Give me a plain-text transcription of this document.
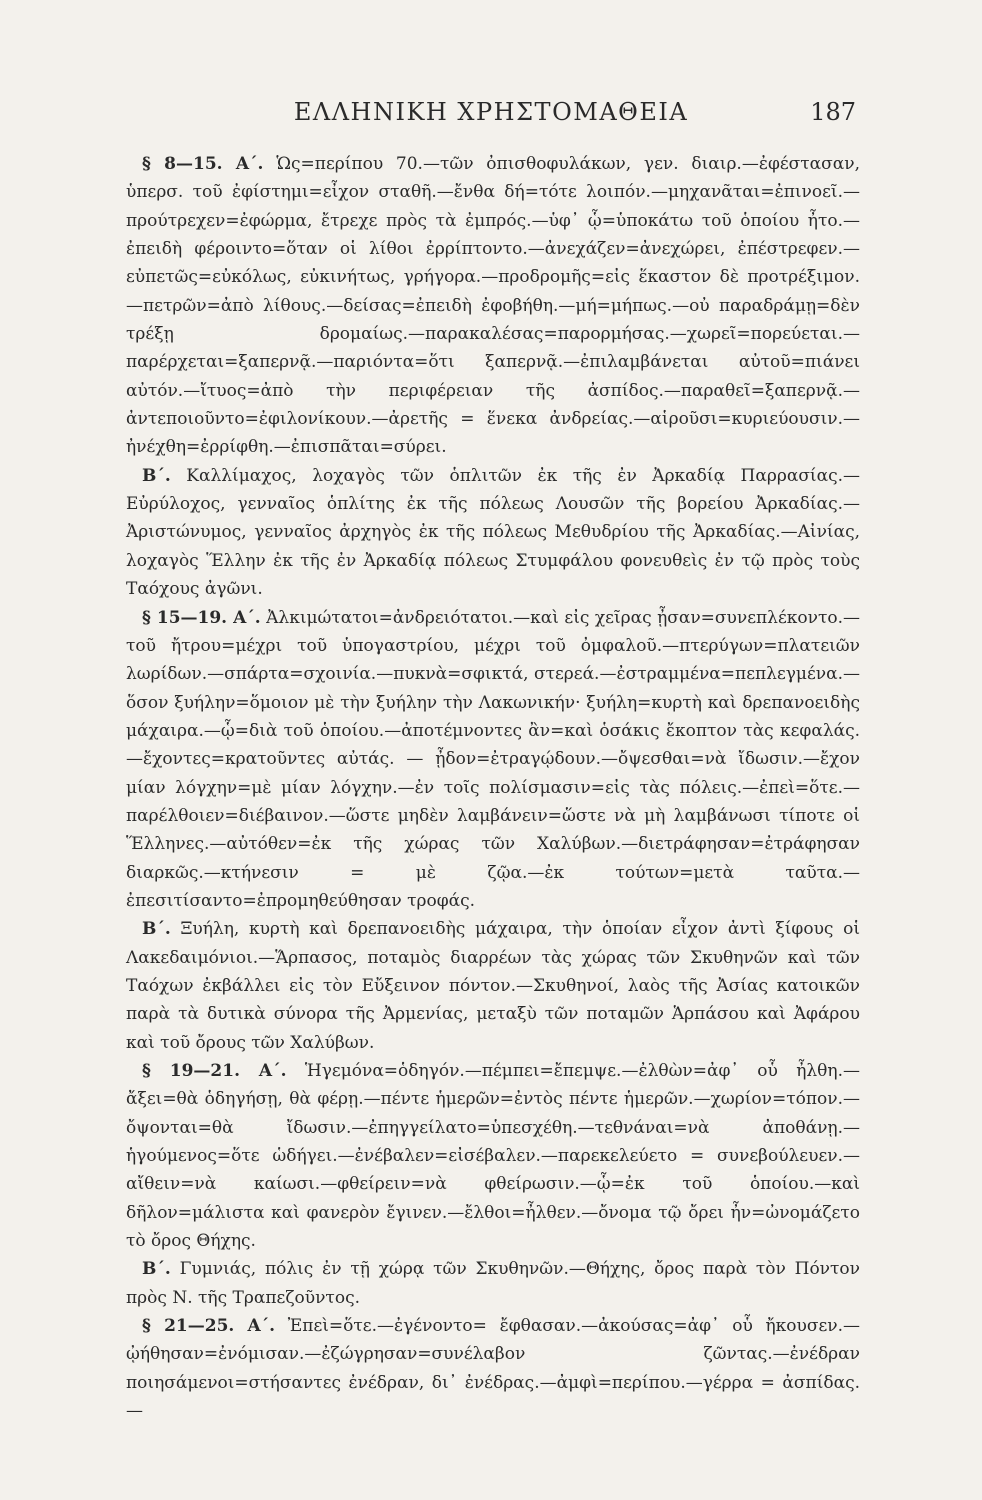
ΕΛΛΗΝΙΚΗ ΧΡΗΣΤΟΜΑΘΕΙΑ	187

§ 8—15. Α΄. Ὡς=περίπου 70.—τῶν ὀπισθοφυλάκων, γεν. διαιρ.—ἐφέστασαν, ὑπερσ. τοῦ ἐφίστημι=εἶχον σταθῆ.—ἔνθα δή=τότε λοιπόν.—μηχανᾶται=ἐπινοεῖ.—προύτρεχεν=ἐφώρμα, ἔτρεχε πρὸς τὰ ἐμπρός.—ὑφ᾽ ᾧ=ὑποκάτω τοῦ ὁποίου ἦτο.—ἐπειδὴ φέροιντο=ὅταν οἱ λίθοι ἐρρίπτοντο.—ἀνεχάζεν=ἀνεχώρει, ἐπέστρεφεν.—εὐπετῶς=εὐκόλως, εὐκινήτως, γρήγορα.—προδρομῆς=εἰς ἕκαστον δὲ προτρέξιμον.—πετρῶν=ἀπὸ λίθους.—δείσας=ἐπειδὴ ἐφοβήθη.—μή=μήπως.—οὐ παραδράμῃ=δὲν τρέξῃ δρομαίως.—παρακαλέσας=παρορμήσας.—χωρεῖ=πορεύεται.—παρέρχεται=ξαπερνᾷ.—παριόντα=ὅτι ξαπερνᾷ.—ἐπιλαμβάνεται αὐτοῦ=πιάνει αὐτόν.—ἴτυος=ἀπὸ τὴν περιφέρειαν τῆς ἀσπίδος.—παραθεῖ=ξαπερνᾷ.—ἀντεποιοῦντο=ἐφιλονίκουν.—ἀρετῆς = ἕνεκα ἀνδρείας.—αἱροῦσι=κυριεύουσιν.—ἠνέχθη=ἐρρίφθη.—ἐπισπᾶται=σύρει.

Β΄. Καλλίμαχος, λοχαγὸς τῶν ὁπλιτῶν ἐκ τῆς ἐν Ἀρκαδίᾳ Παρρασίας.—Εὐρύλοχος, γενναῖος ὁπλίτης ἐκ τῆς πόλεως Λουσῶν τῆς βορείου Ἀρκαδίας.—Ἀριστώνυμος, γενναῖος ἀρχηγὸς ἐκ τῆς πόλεως Μεθυδρίου τῆς Ἀρκαδίας.—Αἰνίας, λοχαγὸς Ἕλλην ἐκ τῆς ἐν Ἀρκαδίᾳ πόλεως Στυμφάλου φονευθεὶς ἐν τῷ πρὸς τοὺς Ταόχους ἀγῶνι.

§ 15—19. Α΄. Ἀλκιμώτατοι=ἀνδρειότατοι.—καὶ εἰς χεῖρας ᾖσαν=συνεπλέκοντο.—τοῦ ἤτρου=μέχρι τοῦ ὑπογαστρίου, μέχρι τοῦ ὀμφαλοῦ.—πτερύγων=πλατειῶν λωρίδων.—σπάρτα=σχοινία.—πυκνὰ=σφικτά, στερεά.—ἐστραμμένα=πεπλεγμένα.—ὅσον ξυήλην=ὅμοιον μὲ τὴν ξυήλην τὴν Λακωνικήν· ξυήλη=κυρτὴ καὶ δρεπανοειδὴς μάχαιρα.—ᾧ=διὰ τοῦ ὁποίου.—ἀποτέμνοντες ἂν=καὶ ὁσάκις ἔκοπτον τὰς κεφαλάς.—ἔχοντες=κρατοῦντες αὐτάς. — ᾖδον=ἐτραγῴδουν.—ὄψεσθαι=νὰ ἴδωσιν.—ἔχον μίαν λόγχην=μὲ μίαν λόγχην.—ἐν τοῖς πολίσμασιν=εἰς τὰς πόλεις.—ἐπεὶ=ὅτε.—παρέλθοιεν=διέβαινον.—ὥστε μηδὲν λαμβάνειν=ὥστε νὰ μὴ λαμβάνωσι τίποτε οἱ Ἕλληνες.—αὐτόθεν=ἐκ τῆς χώρας τῶν Χαλύβων.—διετράφησαν=ἐτράφησαν διαρκῶς.—κτήνεσιν = μὲ ζῷα.—ἐκ τούτων=μετὰ ταῦτα.—ἐπεσιτίσαντο=ἐπρομηθεύθησαν τροφάς.

Β΄. Ξυήλη, κυρτὴ καὶ δρεπανοειδὴς μάχαιρα, τὴν ὁποίαν εἶχον ἀντὶ ξίφους οἱ Λακεδαιμόνιοι.—Ἅρπασος, ποταμὸς διαρρέων τὰς χώρας τῶν Σκυθηνῶν καὶ τῶν Ταόχων ἐκβάλλει εἰς τὸν Εὔξεινον πόντον.—Σκυθηνοί, λαὸς τῆς Ἀσίας κατοικῶν παρὰ τὰ δυτικὰ σύνορα τῆς Ἀρμενίας, μεταξὺ τῶν ποταμῶν Ἁρπάσου καὶ Ἀφάρου καὶ τοῦ ὄρους τῶν Χαλύβων.

§ 19—21. Α΄. Ἡγεμόνα=ὁδηγόν.—πέμπει=ἔπεμψε.—ἐλθὼν=ἀφ᾽ οὗ ἦλθη.—ἄξει=θὰ ὁδηγήσῃ, θὰ φέρῃ.—πέντε ἡμερῶν=ἐντὸς πέντε ἡμερῶν.—χωρίον=τόπον.—ὄψονται=θὰ ἴδωσιν.—ἐπηγγείλατο=ὑπεσχέθη.—τεθνάναι=νὰ ἀποθάνῃ.—ἡγούμενος=ὅτε ὡδήγει.—ἐνέβαλεν=εἰσέβαλεν.—παρεκελεύετο = συνεβούλευεν.—αἴθειν=νὰ καίωσι.—φθείρειν=νὰ φθείρωσιν.—ᾧ=ἐκ τοῦ ὁποίου.—καὶ δῆλον=μάλιστα καὶ φανερὸν ἔγινεν.—ἔλθοι=ἦλθεν.—ὄνομα τῷ ὄρει ἦν=ὠνομάζετο τὸ ὄρος Θήχης.

Β΄. Γυμνιάς, πόλις ἐν τῇ χώρᾳ τῶν Σκυθηνῶν.—Θήχης, ὄρος παρὰ τὸν Πόντον πρὸς Ν. τῆς Τραπεζοῦντος.

§ 21—25. Α΄. Ἐπεὶ=ὅτε.—ἐγένοντο= ἔφθασαν.—ἀκούσας=ἀφ᾽ οὗ ἤκουσεν.—ᾠήθησαν=ἐνόμισαν.—ἐζώγρησαν=συνέλαβον ζῶντας.—ἐνέδραν ποιησάμενοι=στήσαντες ἐνέδραν, δι᾽ ἐνέδρας.—ἀμφὶ=περίπου.—γέρρα = ἀσπίδας.—
